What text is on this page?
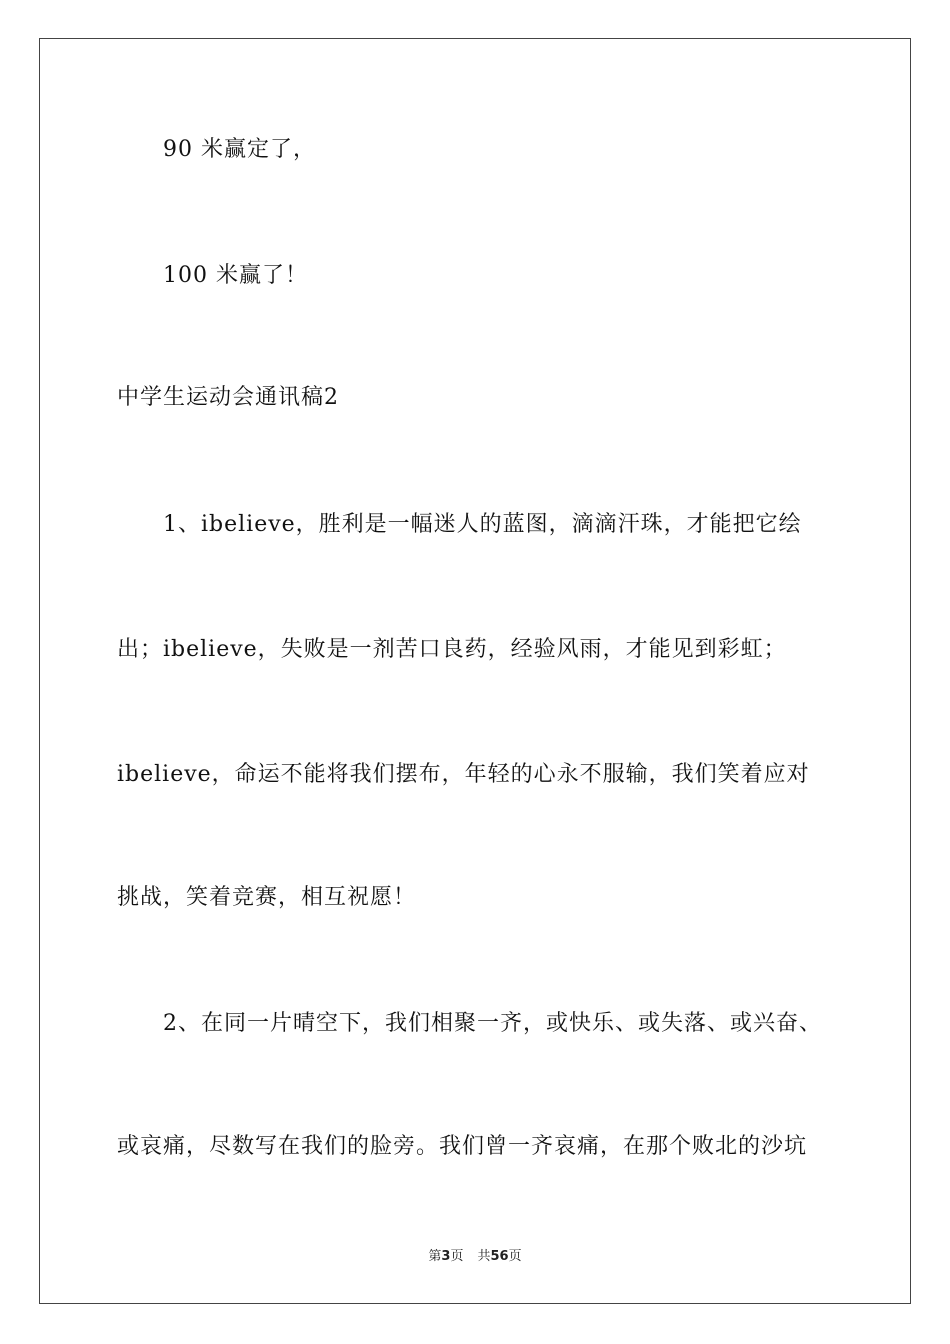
90 米赢定了，
100 米赢了！
中学生运动会通讯稿2
1、ibelieve，胜利是一幅迷人的蓝图，滴滴汗珠，才能把它绘
出；ibelieve，失败是一剂苦口良药，经验风雨，才能见到彩虹；
ibelieve，命运不能将我们摆布，年轻的心永不服输，我们笑着应对
挑战，笑着竞赛，相互祝愿！
2、在同一片晴空下，我们相聚一齐，或快乐、或失落、或兴奋、
或哀痛，尽数写在我们的脸旁。我们曾一齐哀痛，在那个败北的沙坑
第3页 共56页
